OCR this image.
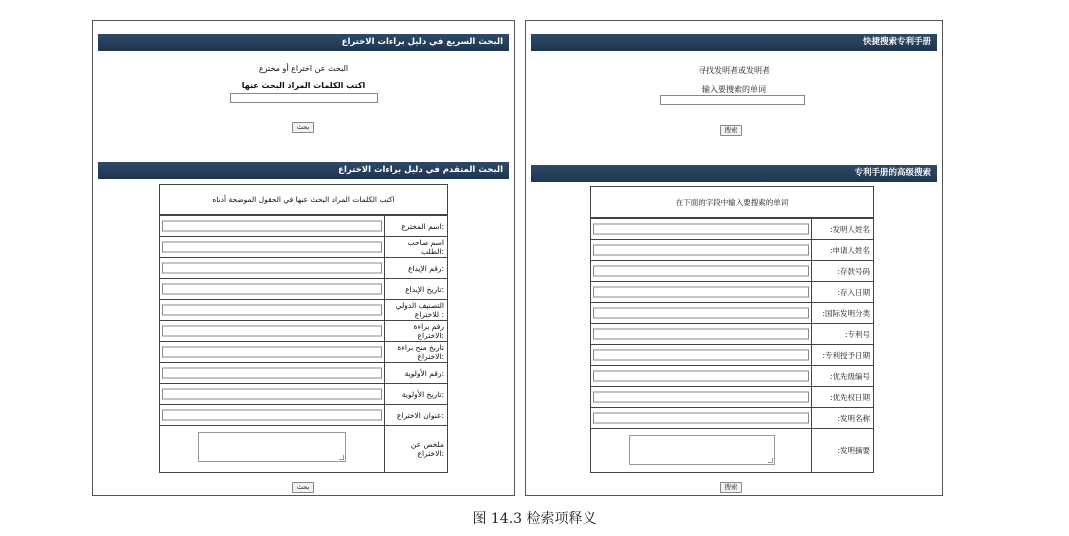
البحث السريع في دليل براءات الاختراع
البحث عن اختراع أو مخترع
اكتب الكلمات المراد البحث عنها
بحث
البحث المتقدم في دليل براءات الاختراع
اكتب الكلمات المراد البحث عنها في الحقول الموضحة أدناه
اسم المخترع:
اسم صاحب الطلب:
رقم الإيداع:
تاريخ الإيداع:
التصنيف الدولي للاختراع :
رقم براءة الاختراع:
تاريخ منح براءة الاختراع:
رقم الأولوية:
تاريخ الأولوية:
عنوان الاختراع:
ملخص عن الاختراع:
بحث
快捷搜索专利手册
寻找发明者或发明者
输入要搜索的单词
搜索
专利手册的高级搜索
在下面的字段中输入要搜索的单词
:发明人姓名
:申请人姓名
:存款号码
:存入日期
:国际发明分类
:专利号
:专利授予日期
:优先级编号
:优先权日期
:发明名称
:发明摘要
搜索
图 14.3 检索项释义
